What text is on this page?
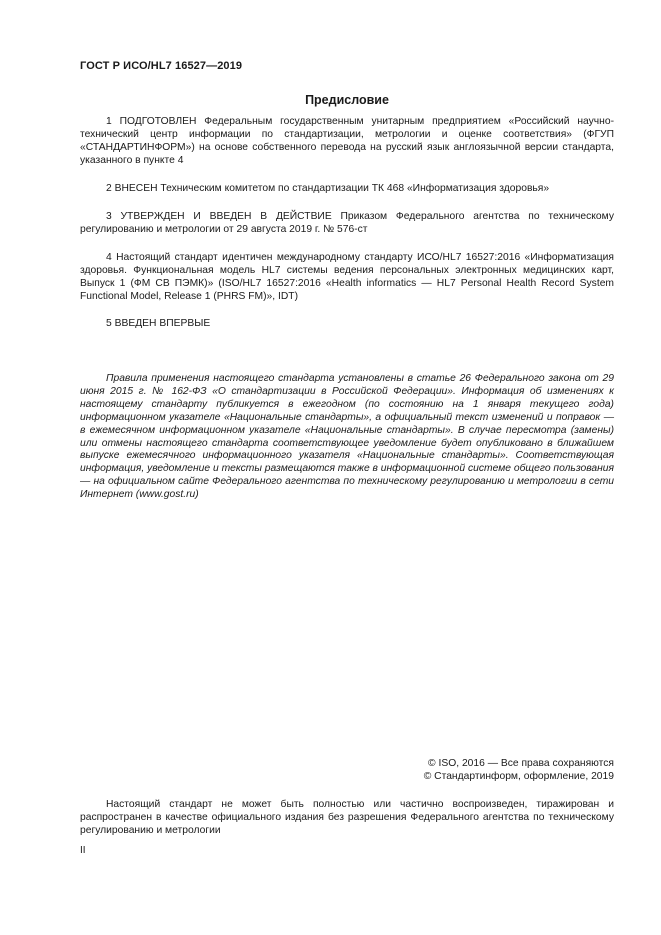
ГОСТ Р ИСО/HL7 16527—2019
Предисловие

1 ПОДГОТОВЛЕН Федеральным государственным унитарным предприятием «Российский научно-технический центр информации по стандартизации, метрологии и оценке соответствия» (ФГУП «СТАНДАРТИНФОРМ») на основе собственного перевода на русский язык англоязычной версии стандарта, указанного в пункте 4

2 ВНЕСЕН Техническим комитетом по стандартизации ТК 468 «Информатизация здоровья»

3 УТВЕРЖДЕН И ВВЕДЕН В ДЕЙСТВИЕ Приказом Федерального агентства по техническому регулированию и метрологии от 29 августа 2019 г. № 576-ст

4 Настоящий стандарт идентичен международному стандарту ИСО/HL7 16527:2016 «Информатизация здоровья. Функциональная модель HL7 системы ведения персональных электронных медицинских карт, Выпуск 1 (ФМ СВ ПЭМК)» (ISO/HL7 16527:2016 «Health informatics — HL7 Personal Health Record System Functional Model, Release 1 (PHRS FM)», IDT)

5 ВВЕДЕН ВПЕРВЫЕ

Правила применения настоящего стандарта установлены в статье 26 Федерального закона от 29 июня 2015 г. № 162-ФЗ «О стандартизации в Российской Федерации». Информация об изменениях к настоящему стандарту публикуется в ежегодном (по состоянию на 1 января текущего года) информационном указателе «Национальные стандарты», а официальный текст изменений и поправок — в ежемесячном информационном указателе «Национальные стандарты». В случае пересмотра (замены) или отмены настоящего стандарта соответствующее уведомление будет опубликовано в ближайшем выпуске ежемесячного информационного указателя «Национальные стандарты». Соответствующая информация, уведомление и тексты размещаются также в информационной системе общего пользования — на официальном сайте Федерального агентства по техническому регулированию и метрологии в сети Интернет (www.gost.ru)

© ISO, 2016 — Все права сохраняются
© Стандартинформ, оформление, 2019

Настоящий стандарт не может быть полностью или частично воспроизведен, тиражирован и распространен в качестве официального издания без разрешения Федерального агентства по техническому регулированию и метрологии

II
